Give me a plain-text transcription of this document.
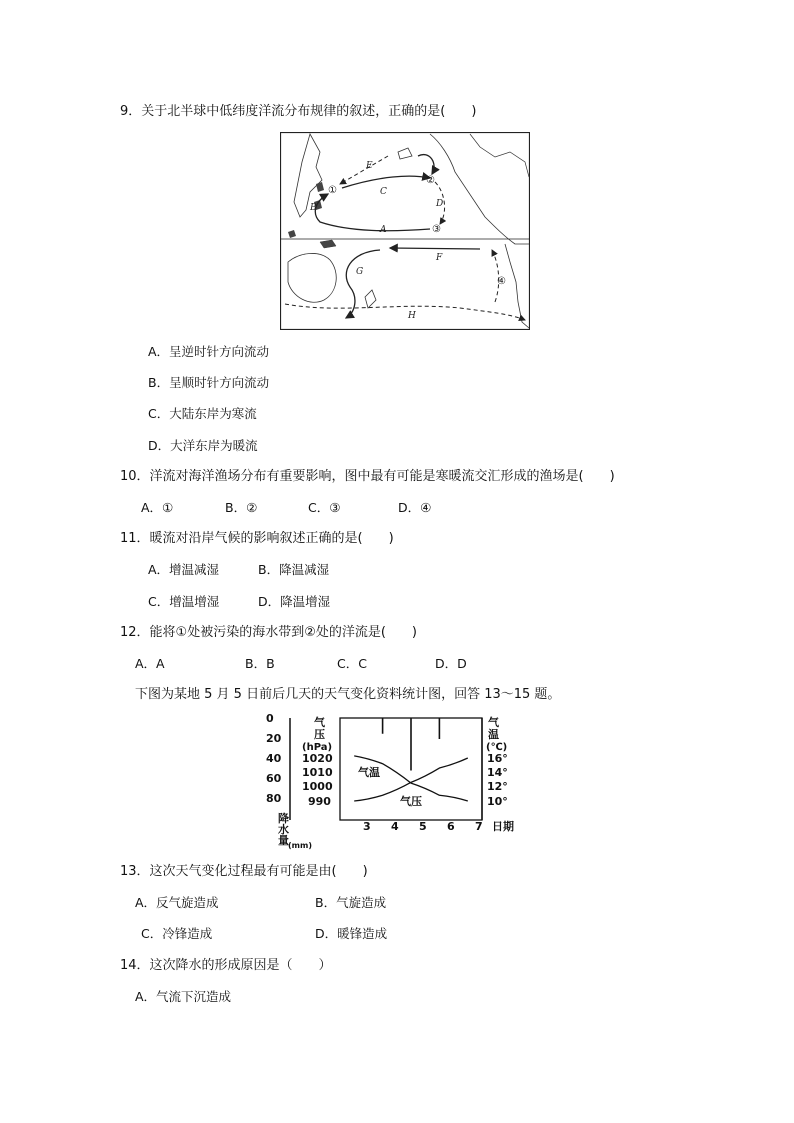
9．关于北半球中低纬度洋流分布规律的叙述，正确的是(　　)
E
C
D
B
A
F
G
H
①
②
③
④
A．呈逆时针方向流动
B．呈顺时针方向流动
C．大陆东岸为寒流
D．大洋东岸为暖流
10．洋流对海洋渔场分布有重要影响，图中最有可能是寒暖流交汇形成的渔场是(　　)
A．①	B．②	C．③	D．④
11．暖流对沿岸气候的影响叙述正确的是(　　)
A．增温减湿	B．降温减湿
C．增温增湿	D．降温增湿
12．能将①处被污染的海水带到②处的洋流是(　　)
A．A	B．B	C．C	D．D
下图为某地 5 月 5 日前后几天的天气变化资料统计图，回答 13～15 题。
0
20
40
60
80
降
水
量 (mm)
气
压
(hPa)
1020
1010
1000
990
气
温
(℃)
16°
14°
12°
10°
3 4 5 6 7 日期
气温
气压
13．这次天气变化过程最有可能是由(　　)
A．反气旋造成	B．气旋造成
C．冷锋造成	D．暖锋造成
14．这次降水的形成原因是（　　）
A．气流下沉造成
